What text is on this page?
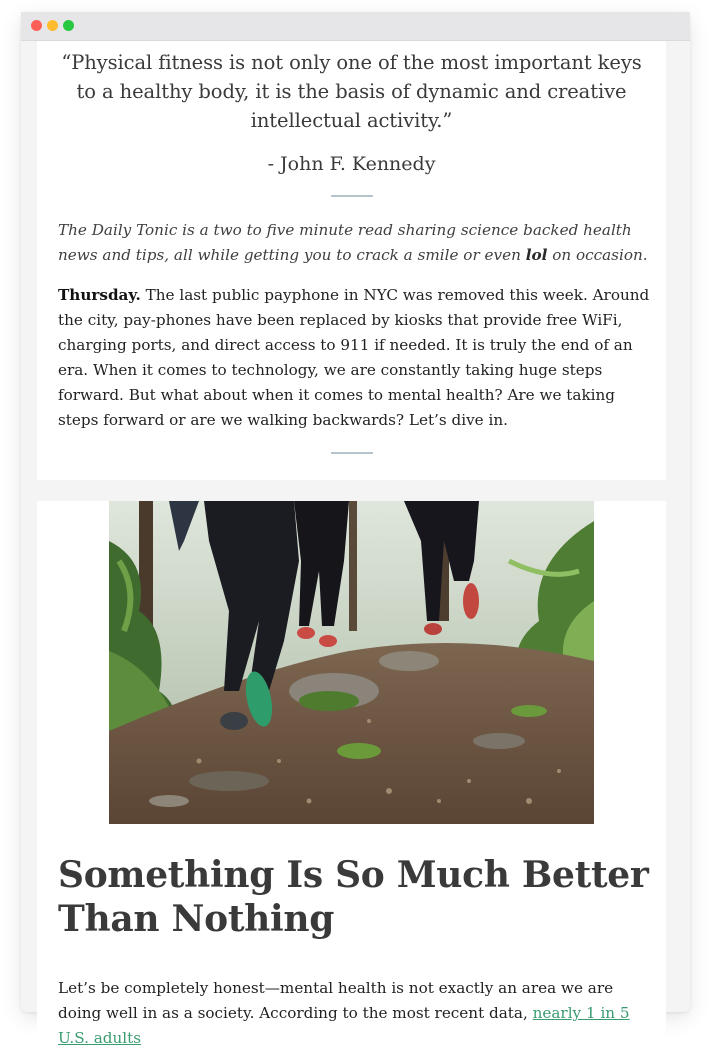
“Physical fitness is not only one of the most important keys to a healthy body, it is the basis of dynamic and creative intellectual activity.”

- John F. Kennedy

The Daily Tonic is a two to five minute read sharing science backed health news and tips, all while getting you to crack a smile or even lol on occasion.

Thursday. The last public payphone in NYC was removed this week. Around the city, pay-phones have been replaced by kiosks that provide free WiFi, charging ports, and direct access to 911 if needed. It is truly the end of an era. When it comes to technology, we are constantly taking huge steps forward. But what about when it comes to mental health? Are we taking steps forward or are we walking backwards? Let’s dive in.

Something Is So Much Better Than Nothing

Let’s be completely honest—mental health is not exactly an area we are doing well in as a society. According to the most recent data, nearly 1 in 5 U.S. adults
